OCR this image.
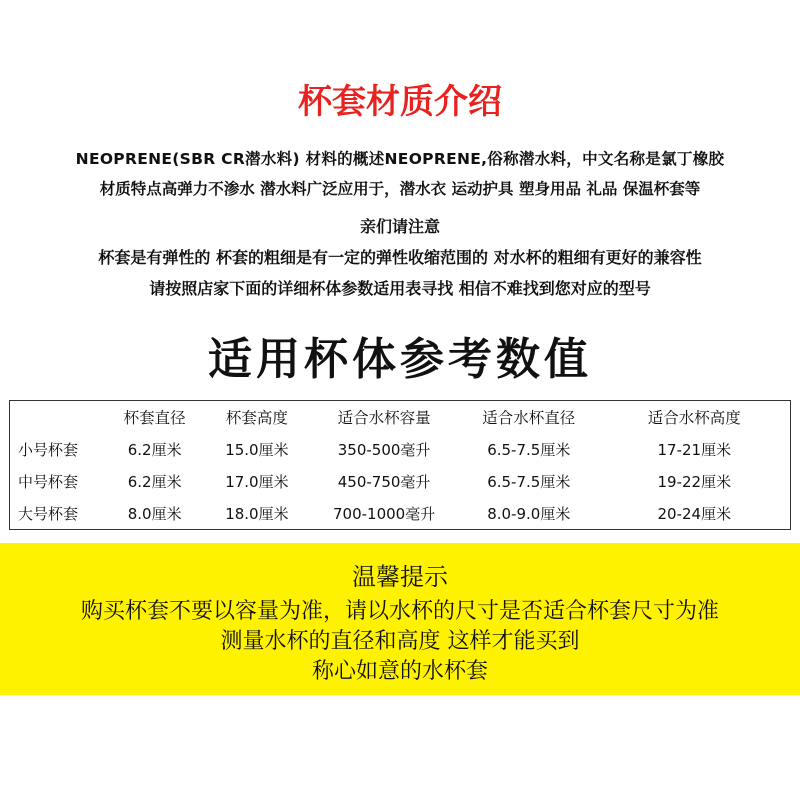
杯套材质介绍
NEOPRENE(SBR CR潜水料) 材料的概述NEOPRENE,俗称潜水料，中文名称是氯丁橡胶
材质特点高弹力不渗水 潜水料广泛应用于，潜水衣 运动护具 塑身用品 礼品 保温杯套等
亲们请注意
杯套是有弹性的 杯套的粗细是有一定的弹性收缩范围的 对水杯的粗细有更好的兼容性
请按照店家下面的详细杯体参数适用表寻找 相信不难找到您对应的型号
适用杯体参考数值
	杯套直径	杯套高度	适合水杯容量	适合水杯直径	适合水杯高度
小号杯套	6.2厘米	15.0厘米	350-500毫升	6.5-7.5厘米	17-21厘米
中号杯套	6.2厘米	17.0厘米	450-750毫升	6.5-7.5厘米	19-22厘米
大号杯套	8.0厘米	18.0厘米	700-1000毫升	8.0-9.0厘米	20-24厘米
温馨提示
购买杯套不要以容量为准，请以水杯的尺寸是否适合杯套尺寸为准
测量水杯的直径和高度 这样才能买到
称心如意的水杯套
